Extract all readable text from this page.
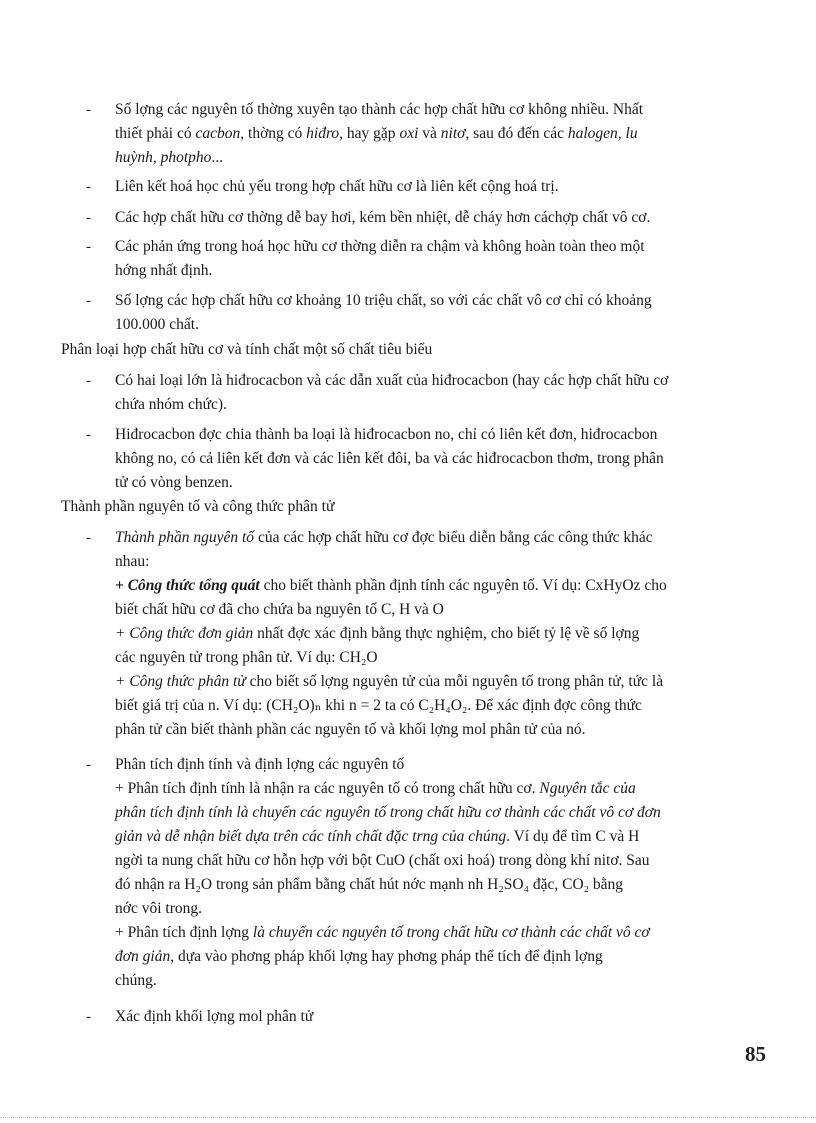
- Số lợng các nguyên tố thờng xuyên tạo thành các hợp chất hữu cơ không nhiều. Nhất
thiết phải có cacbon, thờng có hiđro, hay gặp oxi và nitơ, sau đó đến các halogen, lu
huỳnh, photpho...
- Liên kết hoá học chủ yếu trong hợp chất hữu cơ là liên kết cộng hoá trị.
- Các hợp chất hữu cơ thờng dễ bay hơi, kém bền nhiệt, dễ cháy hơn cáchợp chất vô cơ.
- Các phản ứng trong hoá học hữu cơ thờng diễn ra chậm và không hoàn toàn theo một
hớng nhất định.
- Số lợng các hợp chất hữu cơ khoảng 10 triệu chất, so với các chất vô cơ chỉ có khoảng
100.000 chất.
Phân loại hợp chất hữu cơ và tính chất một số chất tiêu biểu
- Có hai loại lớn là hiđrocacbon và các dẫn xuất của hiđrocacbon (hay các hợp chất hữu cơ
chứa nhóm chức).
- Hiđrocacbon đợc chia thành ba loại là hiđrocacbon no, chỉ có liên kết đơn, hiđrocacbon
không no, có cả liên kết đơn và các liên kết đôi, ba và các hiđrocacbon thơm, trong phân
tử có vòng benzen.
Thành phần nguyên tố và công thức phân tử
- Thành phần nguyên tố của các hợp chất hữu cơ đợc biểu diễn bằng các công thức khác
nhau:
+ Công thức tổng quát cho biết thành phần định tính các nguyên tố. Ví dụ: CxHyOz cho
biết chất hữu cơ đã cho chứa ba nguyên tố C, H và O
+ Công thức đơn giản nhất đợc xác định bằng thực nghiệm, cho biết tỷ lệ về số lợng
các nguyên tử trong phân tử. Ví dụ: CH₂O
+ Công thức phân tử cho biết số lợng nguyên tử của mỗi nguyên tố trong phân tử, tức là
biết giá trị của n. Ví dụ: (CH₂O)ₙ khi n = 2 ta có C₂H₄O₂. Để xác định đợc công thức
phân tử cần biết thành phần các nguyên tố và khối lợng mol phân tử của nó.
- Phân tích định tính và định lợng các nguyên tố
+ Phân tích định tính là nhận ra các nguyên tố có trong chất hữu cơ. Nguyên tắc của
phân tích định tính là chuyển các nguyên tố trong chất hữu cơ thành các chất vô cơ đơn
giản và dễ nhận biết dựa trên các tính chất đặc trng của chúng. Ví dụ để tìm C và H
ngời ta nung chất hữu cơ hỗn hợp với bột CuO (chất oxi hoá) trong dòng khí nitơ. Sau
đó nhận ra H₂O trong sản phẩm bằng chất hút nớc mạnh nh H₂SO₄ đặc, CO₂ bằng
nớc vôi trong.
+ Phân tích định lợng là chuyển các nguyên tố trong chất hữu cơ thành các chất vô cơ
đơn giản, dựa vào phơng pháp khối lợng hay phơng pháp thể tích để định lợng
chúng.
- Xác định khối lợng mol phân tử
85
